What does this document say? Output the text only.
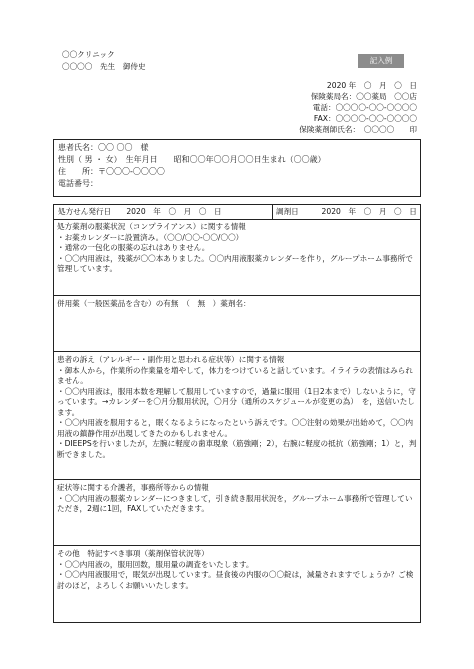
〇〇クリニック
〇〇〇〇　先生　御侍史
記入例
2020 年　〇　月　〇　日
保険薬局名：〇〇薬局　〇〇店
電話：〇〇〇〇-〇〇-〇〇〇〇
FAX：〇〇〇〇-〇〇-〇〇〇〇
保険薬剤師氏名：　〇〇〇〇　　印
患者氏名：〇〇 〇〇　様
性別（ 男 ・ 女）　生年月日　　昭和〇〇年〇〇月〇〇日生まれ（〇〇歳）
住　　所：〒〇〇〇-〇〇〇〇
電話番号：
処方せん発行日　　2020　年　〇　月　〇　日	調剤日　　　2020　年　〇　月　〇　日
処方薬剤の服薬状況（コンプライアンス）に関する情報
・お薬カレンダーに設置済み。（〇〇/〇〇-〇〇/〇〇）
・通常の一包化の服薬の忘れはありません。
・〇〇内用液は，残薬が〇〇本ありました。〇〇内用液服薬カレンダーを作り，グループホーム事務所で管理しています。
併用薬（一般医薬品を含む）の有無　（　無　）薬剤名：
患者の訴え（アレルギー・副作用と思われる症状等）に関する情報
・御本人から，作業所の作業量を増やして，体力をつけていると話しています。イライラの表情はみられません。
・〇〇内用液は，服用本数を理解して服用していますので，過量に服用（1日2本まで）しないように，守っています。→カレンダーを〇月分服用状況，〇月分（通所のスケジュールが変更の為）　を，送信いたします。
・〇〇内用液を服用すると，眠くなるようになったという訴えです。〇〇注射の効果が出始めて，〇〇内用液の鎮静作用が出現してきたのかもしれません。
・DIEEPSを行いましたが，左腕に軽度の歯車現象（筋強剛；2），右腕に軽度の抵抗（筋強剛；1）と，判断できました。
症状等に関する介護者，事務所等からの情報
・〇〇内用液の服薬カレンダーにつきまして，引き続き服用状況を，グループホーム事務所で管理していただき，2週に1回，FAXしていただきます。
その他　特記すべき事項（薬剤保管状況等）
・〇〇内用液の，服用回数，服用量の調査をいたします。
・〇〇内用液服用で，眠気が出現しています。昼食後の内服の〇〇錠は，減量されますでしょうか？ご検討のほど，よろしくお願いいたします。
